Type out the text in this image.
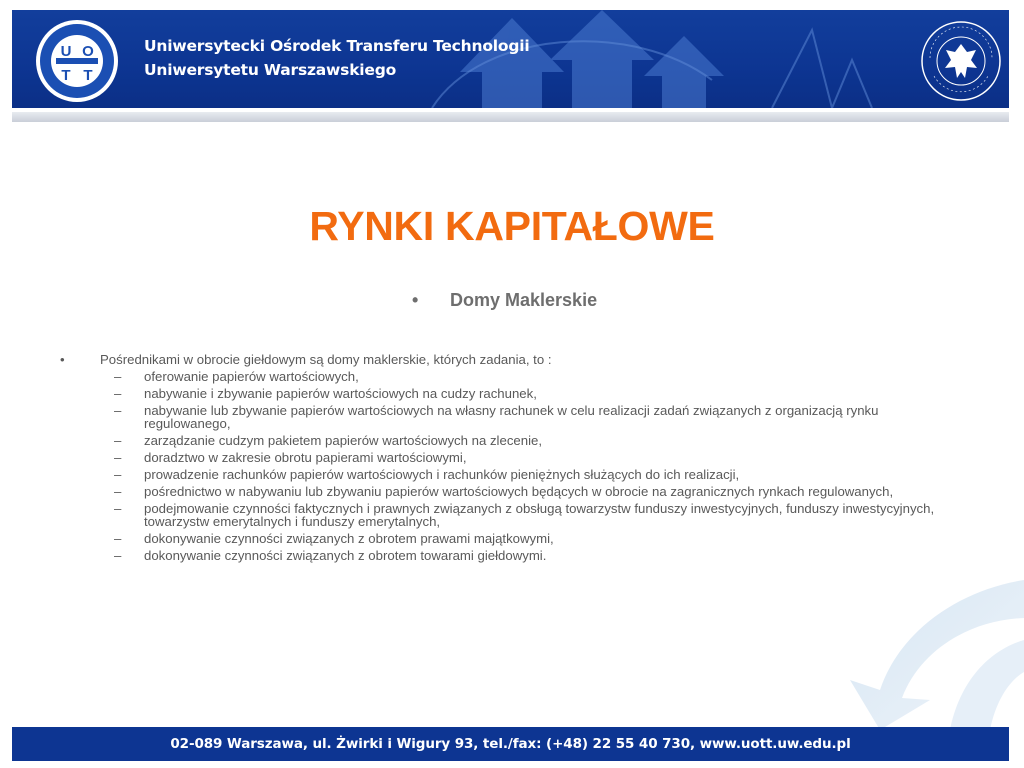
U O
T T
Uniwersytecki Ośrodek Transferu Technologii
Uniwersytetu Warszawskiego
RYNKI KAPITAŁOWE
• Domy Maklerskie
•	Pośrednikami w obrocie giełdowym są domy maklerskie, których zadania, to :
– oferowanie papierów wartościowych,
– nabywanie i zbywanie papierów wartościowych na cudzy rachunek,
– nabywanie lub zbywanie papierów wartościowych na własny rachunek w celu realizacji zadań związanych z organizacją rynku regulowanego,
– zarządzanie cudzym pakietem papierów wartościowych na zlecenie,
– doradztwo w zakresie obrotu papierami wartościowymi,
– prowadzenie rachunków papierów wartościowych i rachunków pieniężnych służących do ich realizacji,
– pośrednictwo w nabywaniu lub zbywaniu papierów wartościowych będących w obrocie na zagranicznych rynkach regulowanych,
– podejmowanie czynności faktycznych i prawnych związanych z obsługą towarzystw funduszy inwestycyjnych, funduszy inwestycyjnych, towarzystw emerytalnych i funduszy emerytalnych,
– dokonywanie czynności związanych z obrotem prawami majątkowymi,
– dokonywanie czynności związanych z obrotem towarami giełdowymi.
02-089 Warszawa, ul. Żwirki i Wigury 93, tel./fax: (+48) 22 55 40 730, www.uott.uw.edu.pl
